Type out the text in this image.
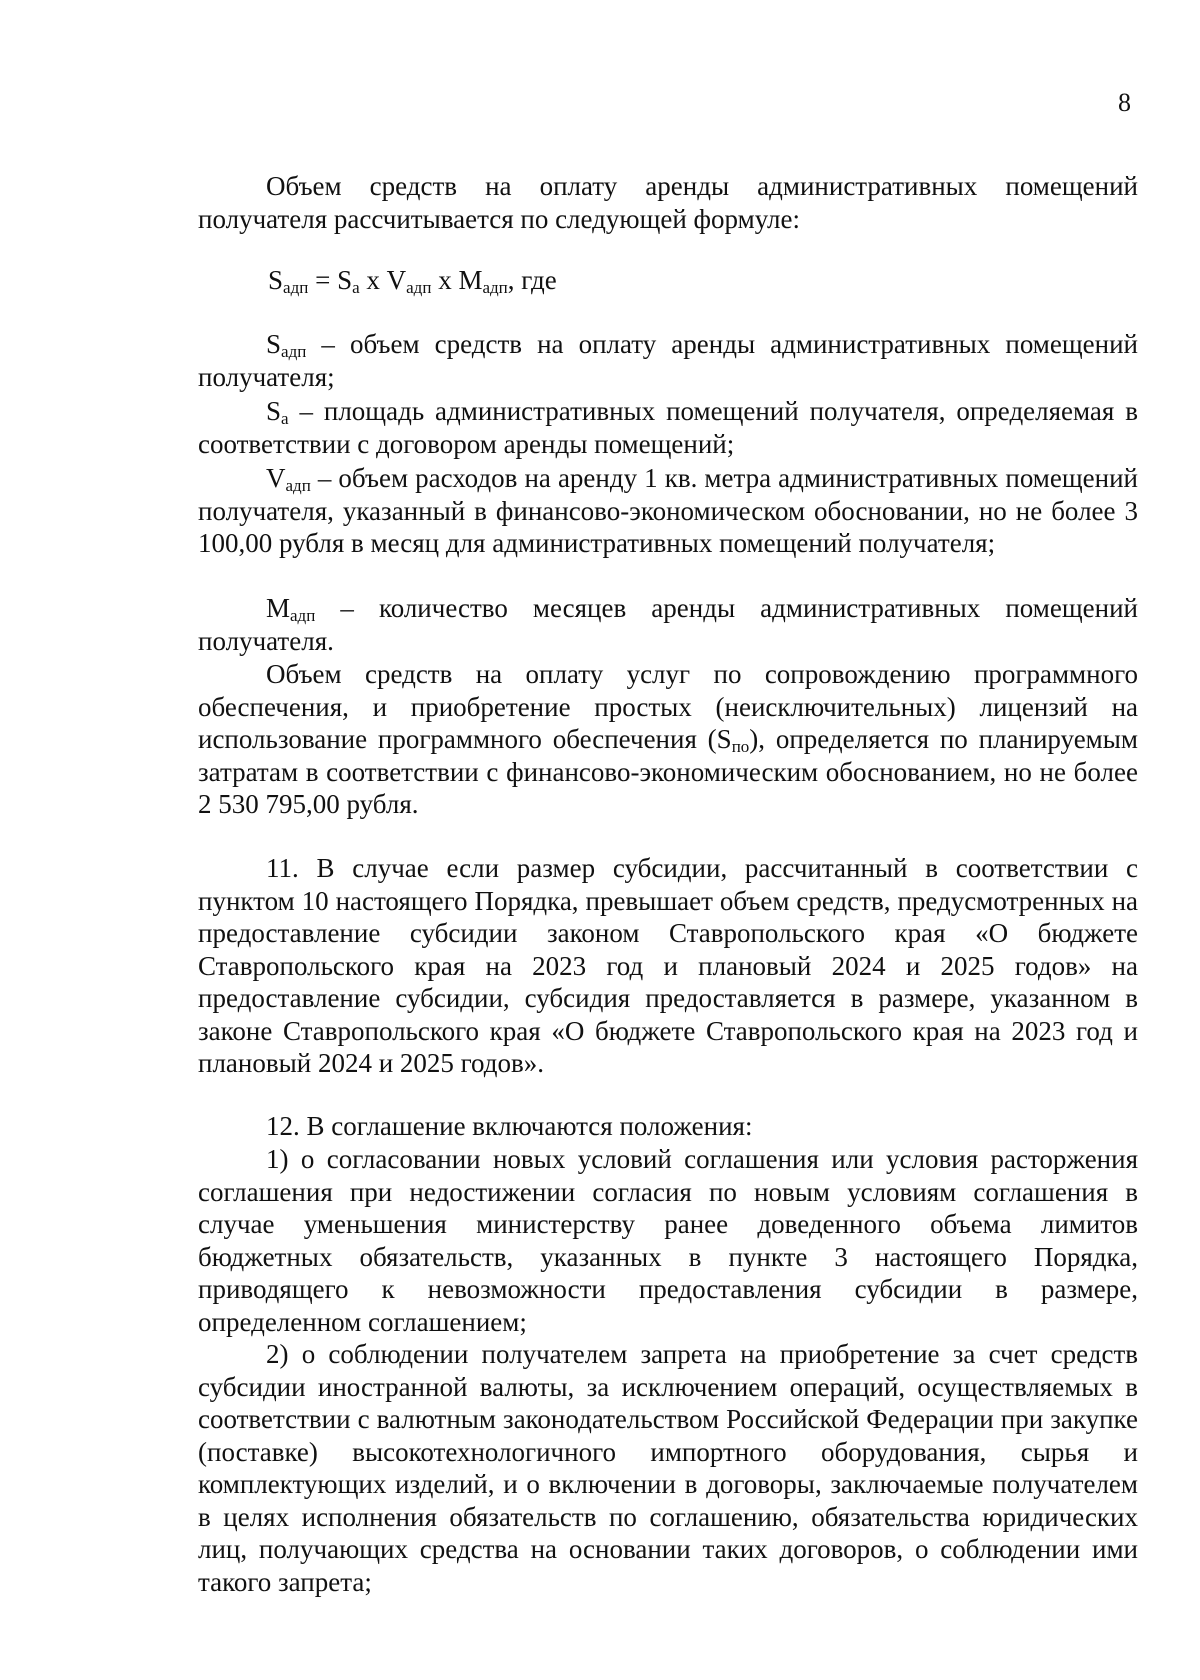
8

Объем средств на оплату аренды административных помещений получателя рассчитывается по следующей формуле:

$S_{адп} = S_а$ х $V_{адп}$ х $M_{адп}$, где

$S_{адп}$ – объем средств на оплату аренды административных помещений получателя;

$S_а$ – площадь административных помещений получателя, определяемая в соответствии с договором аренды помещений;

$V_{адп}$ – объем расходов на аренду 1 кв. метра административных помещений получателя, указанный в финансово-экономическом обосновании, но не более 3 100,00 рубля в месяц для административных помещений получателя;

$M_{адп}$ – количество месяцев аренды административных помещений получателя.

Объем средств на оплату услуг по сопровождению программного обеспечения, и приобретение простых (неисключительных) лицензий на использование программного обеспечения $(S_{по})$, определяется по планируемым затратам в соответствии с финансово-экономическим обоснованием, но не более 2 530 795,00 рубля.

11. В случае если размер субсидии, рассчитанный в соответствии с пунктом 10 настоящего Порядка, превышает объем средств, предусмотренных на предоставление субсидии законом Ставропольского края «О бюджете Ставропольского края на 2023 год и плановый 2024 и 2025 годов» на предоставление субсидии, субсидия предоставляется в размере, указанном в законе Ставропольского края «О бюджете Ставропольского края на 2023 год и плановый 2024 и 2025 годов».

12. В соглашение включаются положения:

1) о согласовании новых условий соглашения или условия расторжения соглашения при недостижении согласия по новым условиям соглашения в случае уменьшения министерству ранее доведенного объема лимитов бюджетных обязательств, указанных в пункте 3 настоящего Порядка, приводящего к невозможности предоставления субсидии в размере, определенном соглашением;

2) о соблюдении получателем запрета на приобретение за счет средств субсидии иностранной валюты, за исключением операций, осуществляемых в соответствии с валютным законодательством Российской Федерации при закупке (поставке) высокотехнологичного импортного оборудования, сырья и комплектующих изделий, и о включении в договоры, заключаемые получателем в целях исполнения обязательств по соглашению, обязательства юридических лиц, получающих средства на основании таких договоров, о соблюдении ими такого запрета;
